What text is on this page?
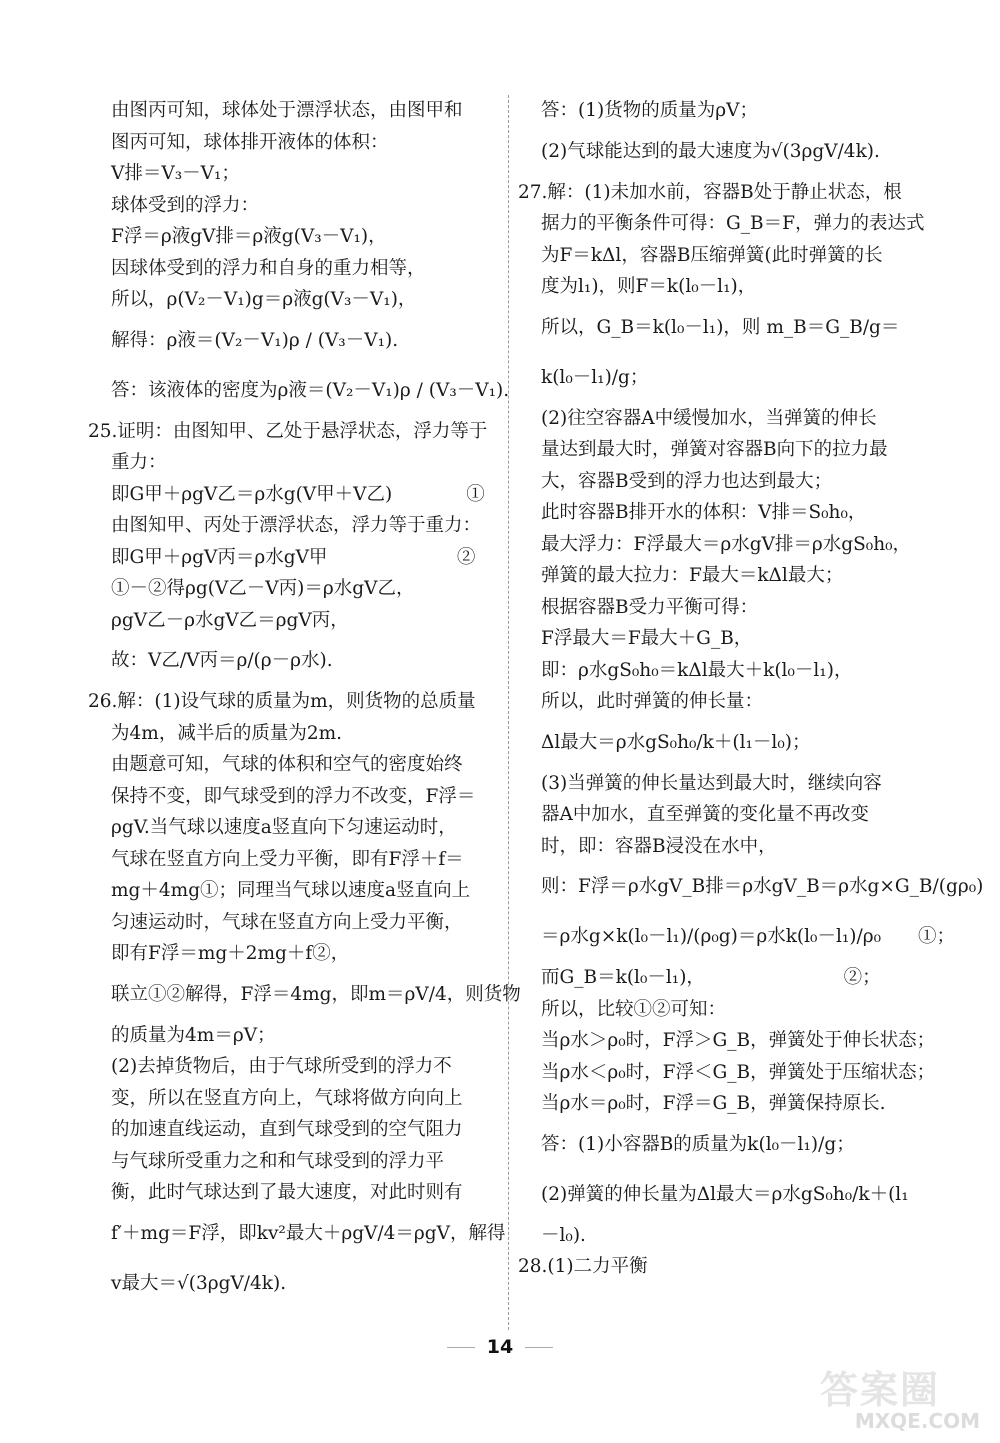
由图丙可知，球体处于漂浮状态，由图甲和
图丙可知，球体排开液体的体积：
V排＝V₃－V₁；
球体受到的浮力：
F浮＝ρ液gV排＝ρ液g(V₃－V₁)，
因球体受到的浮力和自身的重力相等，
所以，ρ(V₂－V₁)g＝ρ液g(V₃－V₁)，
解得：ρ液＝(V₂－V₁)ρ / (V₃－V₁).
答：该液体的密度为ρ液＝(V₂－V₁)ρ / (V₃－V₁).
25.证明：由图知甲、乙处于悬浮状态，浮力等于
重力：
即G甲＋ρgV乙＝ρ水g(V甲＋V乙)　　　　①
由图知甲、丙处于漂浮状态，浮力等于重力：
即G甲＋ρgV丙＝ρ水gV甲　　　　　　　②
①－②得ρg(V乙－V丙)＝ρ水gV乙，
ρgV乙－ρ水gV乙＝ρgV丙，
故：V乙/V丙＝ρ/(ρ－ρ水).
26.解：(1)设气球的质量为m，则货物的总质量
为4m，减半后的质量为2m.
由题意可知，气球的体积和空气的密度始终
保持不变，即气球受到的浮力不改变，F浮＝
ρgV.当气球以速度a竖直向下匀速运动时，
气球在竖直方向上受力平衡，即有F浮＋f＝
mg＋4mg①；同理当气球以速度a竖直向上
匀速运动时，气球在竖直方向上受力平衡，
即有F浮＝mg＋2mg＋f②，
联立①②解得，F浮＝4mg，即m＝ρV/4，则货物
的质量为4m＝ρV；
(2)去掉货物后，由于气球所受到的浮力不
变，所以在竖直方向上，气球将做方向向上
的加速直线运动，直到气球受到的空气阻力
与气球所受重力之和和气球受到的浮力平
衡，此时气球达到了最大速度，对此时则有
f′＋mg＝F浮，即kv²最大＋ρgV/4＝ρgV，解得
v最大＝√(3ρgV/4k).
答：(1)货物的质量为ρV；
(2)气球能达到的最大速度为√(3ρgV/4k).
27.解：(1)未加水前，容器B处于静止状态，根
据力的平衡条件可得：G_B＝F，弹力的表达式
为F＝kΔl，容器B压缩弹簧(此时弹簧的长
度为l₁)，则F＝k(l₀－l₁)，
所以，G_B＝k(l₀－l₁)，则 m_B＝G_B/g＝
k(l₀－l₁)/g；
(2)往空容器A中缓慢加水，当弹簧的伸长
量达到最大时，弹簧对容器B向下的拉力最
大，容器B受到的浮力也达到最大；
此时容器B排开水的体积：V排＝S₀h₀，
最大浮力：F浮最大＝ρ水gV排＝ρ水gS₀h₀，
弹簧的最大拉力：F最大＝kΔl最大；
根据容器B受力平衡可得：
F浮最大＝F最大＋G_B，
即：ρ水gS₀h₀＝kΔl最大＋k(l₀－l₁)，
所以，此时弹簧的伸长量：
Δl最大＝ρ水gS₀h₀/k＋(l₁－l₀)；
(3)当弹簧的伸长量达到最大时，继续向容
器A中加水，直至弹簧的变化量不再改变
时，即：容器B浸没在水中，
则：F浮＝ρ水gV_B排＝ρ水gV_B＝ρ水g×G_B/(gρ₀)
＝ρ水g×k(l₀－l₁)/(ρ₀g)＝ρ水k(l₀－l₁)/ρ₀　　①；
而G_B＝k(l₀－l₁)，　　　　　　　　②；
所以，比较①②可知：
当ρ水＞ρ₀时，F浮＞G_B，弹簧处于伸长状态；
当ρ水＜ρ₀时，F浮＜G_B，弹簧处于压缩状态；
当ρ水＝ρ₀时，F浮＝G_B，弹簧保持原长.
答：(1)小容器B的质量为k(l₀－l₁)/g；
(2)弹簧的伸长量为Δl最大＝ρ水gS₀h₀/k＋(l₁
－l₀).
28.(1)二力平衡
14
答案圈
MXQE.COM
